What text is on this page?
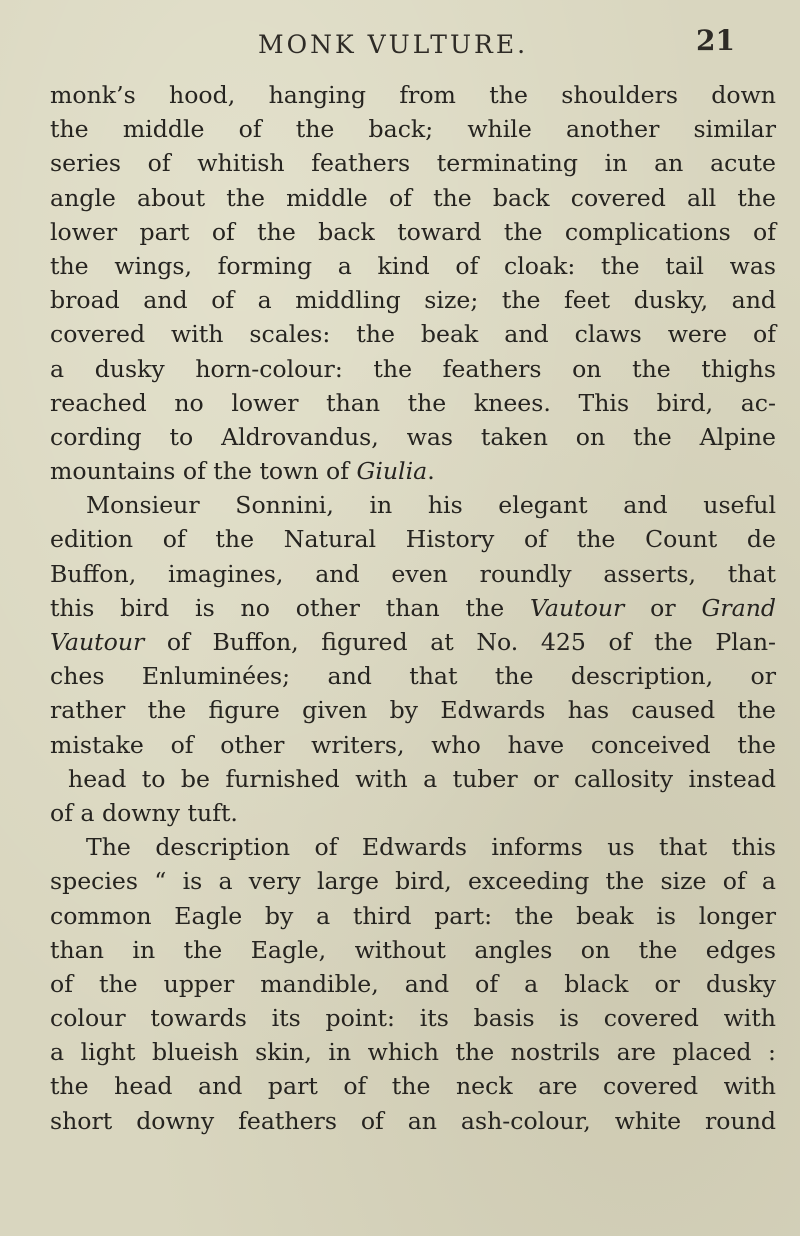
MONK VULTURE.	21
monk’s hood, hanging from the shoulders down
the middle of the back; while another similar
series of whitish feathers terminating in an acute
angle about the middle of the back covered all the
lower part of the back toward the complications of
the wings, forming a kind of cloak: the tail was
broad and of a middling size; the feet dusky, and
covered with scales: the beak and claws were of
a dusky horn-colour: the feathers on the thighs
reached no lower than the knees. This bird, ac-
cording to Aldrovandus, was taken on the Alpine
mountains of the town of Giulia.
Monsieur Sonnini, in his elegant and useful
edition of the Natural History of the Count de
Buffon, imagines, and even roundly asserts, that
this bird is no other than the Vautour or Grand
Vautour of Buffon, figured at No. 425 of the Plan-
ches Enluminées; and that the description, or
rather the figure given by Edwards has caused the
mistake of other writers, who have conceived the
head to be furnished with a tuber or callosity instead
of a downy tuft.
The description of Edwards informs us that this
species “ is a very large bird, exceeding the size of a
common Eagle by a third part: the beak is longer
than in the Eagle, without angles on the edges
of the upper mandible, and of a black or dusky
colour towards its point: its basis is covered with
a light blueish skin, in which the nostrils are placed :
the head and part of the neck are covered with
short downy feathers of an ash-colour, white round
